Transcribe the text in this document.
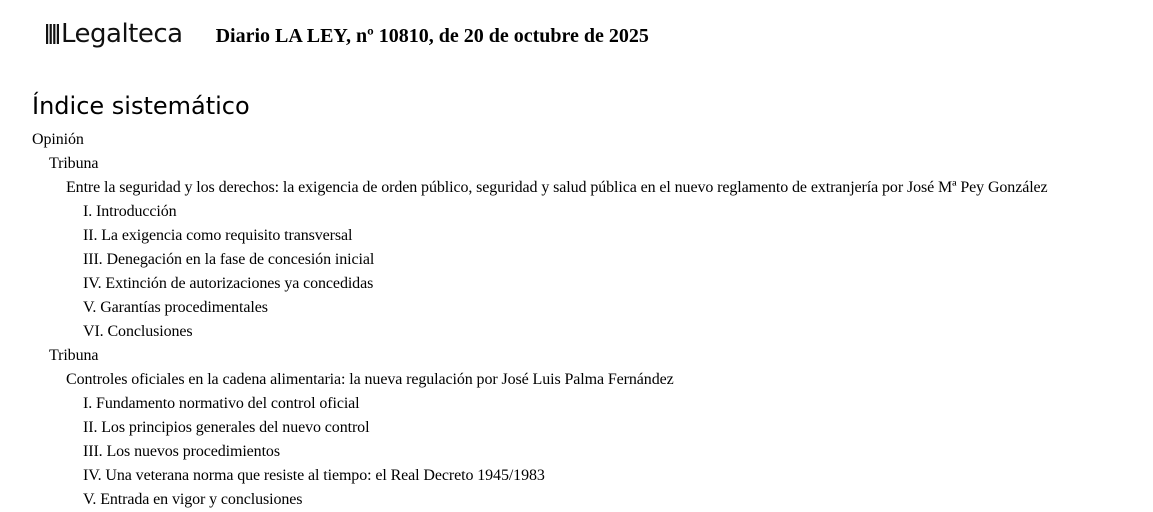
Legalteca Diario LA LEY, nº 10810, de 20 de octubre de 2025
Índice sistemático
Opinión
Tribuna
Entre la seguridad y los derechos: la exigencia de orden público, seguridad y salud pública en el nuevo reglamento de extranjería por José Mª Pey González
I. Introducción
II. La exigencia como requisito transversal
III. Denegación en la fase de concesión inicial
IV. Extinción de autorizaciones ya concedidas
V. Garantías procedimentales
VI. Conclusiones
Tribuna
Controles oficiales en la cadena alimentaria: la nueva regulación por José Luis Palma Fernández
I. Fundamento normativo del control oficial
II. Los principios generales del nuevo control
III. Los nuevos procedimientos
IV. Una veterana norma que resiste al tiempo: el Real Decreto 1945/1983
V. Entrada en vigor y conclusiones
